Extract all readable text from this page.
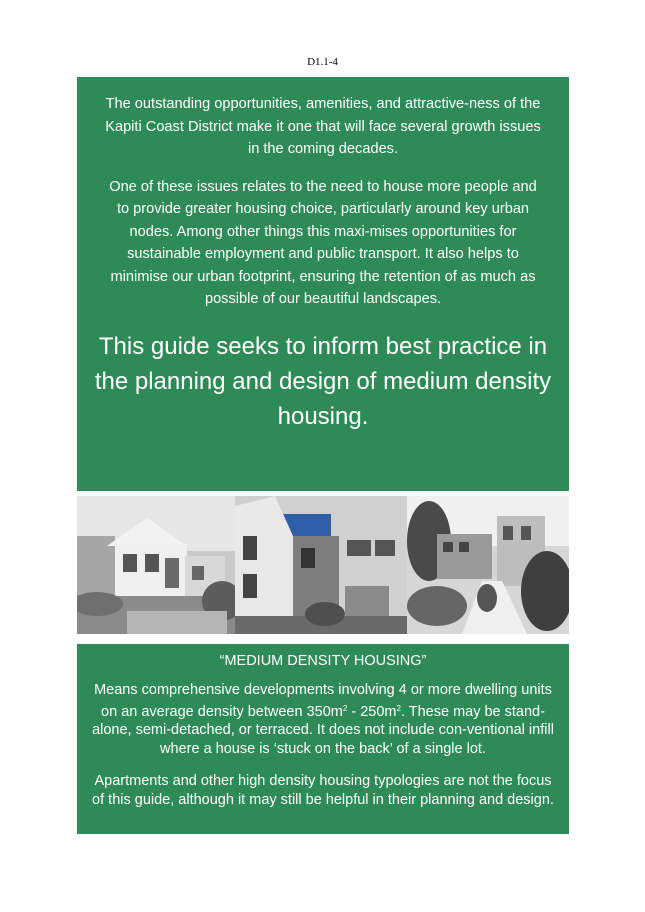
D1.1-4

The outstanding opportunities, amenities, and attractive-ness of the Kapiti Coast District make it one that will face several growth issues in the coming decades.

One of these issues relates to the need to house more people and to provide greater housing choice, particularly around key urban nodes. Among other things this maxi-mises opportunities for
sustainable employment and public transport. It also helps to
minimise our urban footprint, ensuring the retention of as much as possible of our beautiful landscapes.

This guide seeks to inform best practice in the planning and design of medium density housing.

“MEDIUM DENSITY HOUSING”

Means comprehensive developments involving 4 or more dwelling units on an average density between $350m^2 - 250m^2$. These may be stand-alone, semi-detached, or terraced. It does not include con-ventional infill where a house is ‘stuck on the back’ of a single lot.

Apartments and other high density housing typologies are not the focus of this guide, although it may still be helpful in their planning and design.
